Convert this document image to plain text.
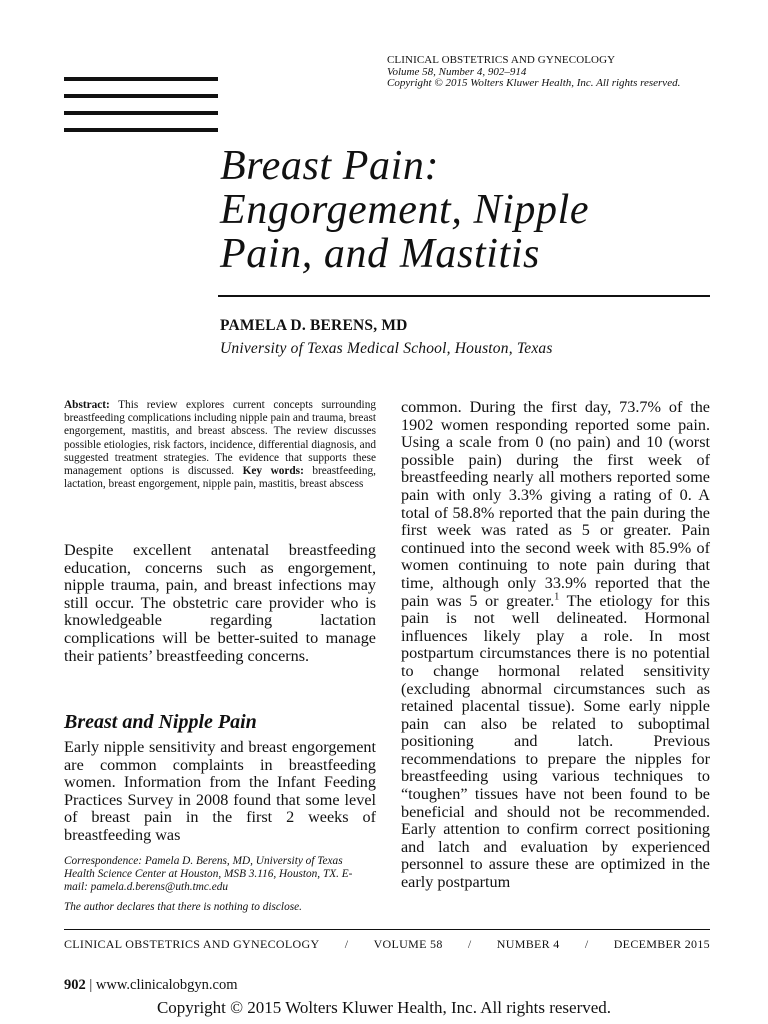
CLINICAL OBSTETRICS AND GYNECOLOGY
Volume 58, Number 4, 902–914
Copyright © 2015 Wolters Kluwer Health, Inc. All rights reserved.
Breast Pain:
Engorgement, Nipple
Pain, and Mastitis
PAMELA D. BERENS, MD
University of Texas Medical School, Houston, Texas
Abstract: This review explores current concepts surrounding breastfeeding complications including nipple pain and trauma, breast engorgement, mastitis, and breast abscess. The review discusses possible etiologies, risk factors, incidence, differential diagnosis, and suggested treatment strategies. The evidence that supports these management options is discussed. Key words: breastfeeding, lactation, breast engorgement, nipple pain, mastitis, breast abscess
Despite excellent antenatal breastfeeding education, concerns such as engorgement, nipple trauma, pain, and breast infections may still occur. The obstetric care provider who is knowledgeable regarding lactation complications will be better-suited to manage their patients’ breastfeeding concerns.
Breast and Nipple Pain
Early nipple sensitivity and breast engorgement are common complaints in breastfeeding women. Information from the Infant Feeding Practices Survey in 2008 found that some level of breast pain in the first 2 weeks of breastfeeding was
Correspondence: Pamela D. Berens, MD, University of Texas Health Science Center at Houston, MSB 3.116, Houston, TX. E-mail: pamela.d.berens@uth.tmc.edu
The author declares that there is nothing to disclose.
common. During the first day, 73.7% of the 1902 women responding reported some pain. Using a scale from 0 (no pain) and 10 (worst possible pain) during the first week of breastfeeding nearly all mothers reported some pain with only 3.3% giving a rating of 0. A total of 58.8% reported that the pain during the first week was rated as 5 or greater. Pain continued into the second week with 85.9% of women continuing to note pain during that time, although only 33.9% reported that the pain was 5 or greater.$^1$ The etiology for this pain is not well delineated. Hormonal influences likely play a role. In most postpartum circumstances there is no potential to change hormonal related sensitivity (excluding abnormal circumstances such as retained placental tissue). Some early nipple pain can also be related to suboptimal positioning and latch. Previous recommendations to prepare the nipples for breastfeeding using various techniques to “toughen” tissues have not been found to be beneficial and should not be recommended. Early attention to confirm correct positioning and latch and evaluation by experienced personnel to assure these are optimized in the early postpartum
CLINICAL OBSTETRICS AND GYNECOLOGY / VOLUME 58 / NUMBER 4 / DECEMBER 2015
902 | www.clinicalobgyn.com
Copyright © 2015 Wolters Kluwer Health, Inc. All rights reserved.
